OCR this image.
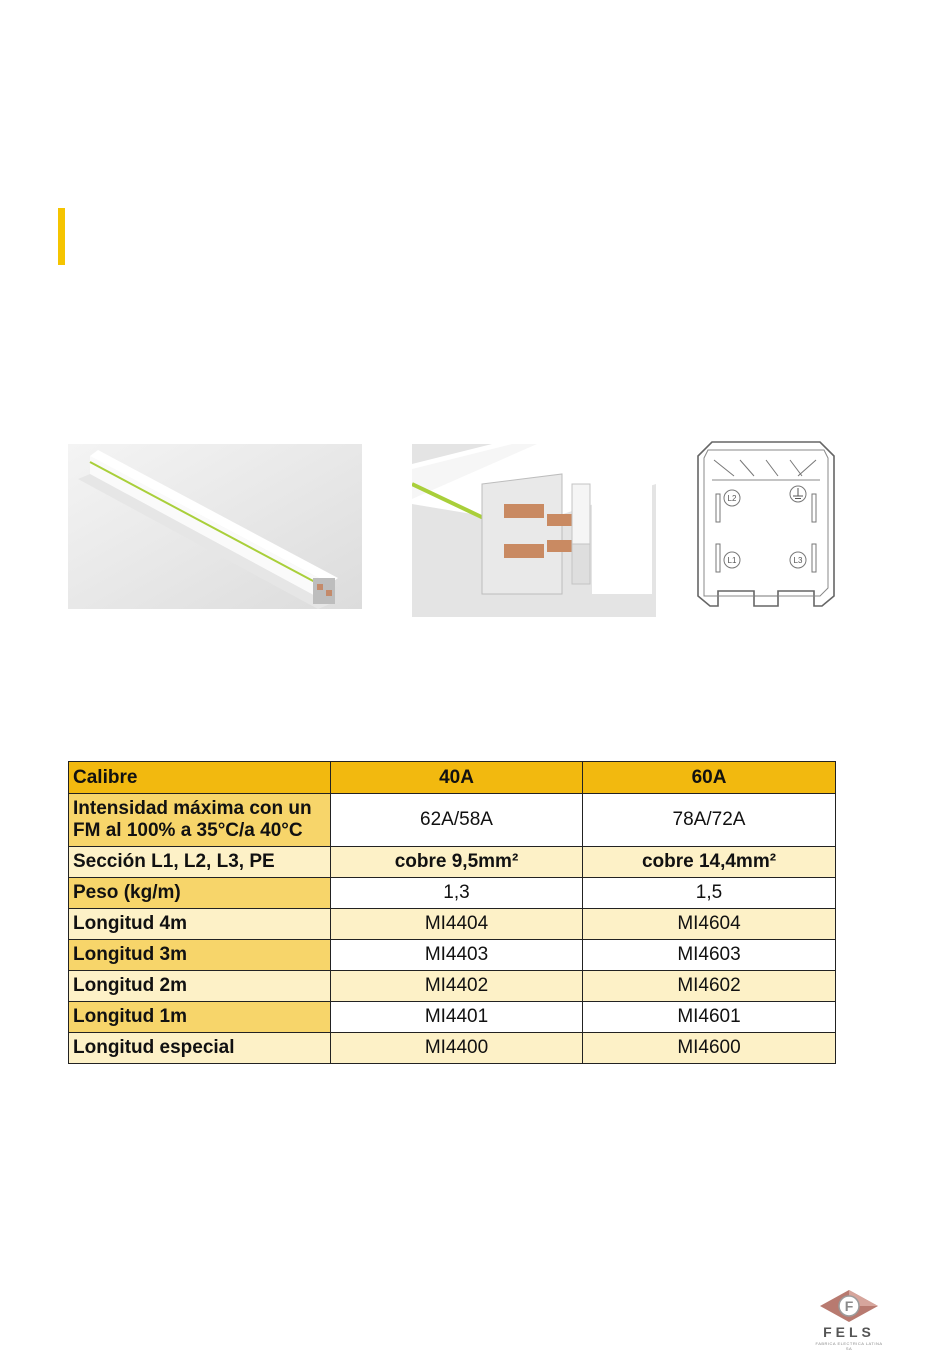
L2
L1	L3
Calibre	40A	60A
Intensidad máxima con un FM al 100% a 35°C/a 40°C	62A/58A	78A/72A
Sección L1, L2, L3, PE	cobre 9,5mm²	cobre 14,4mm²
Peso (kg/m)	1,3	1,5
Longitud 4m	MI4404	MI4604
Longitud 3m	MI4403	MI4603
Longitud 2m	MI4402	MI4602
Longitud 1m	MI4401	MI4601
Longitud especial	MI4400	MI4600
F
FELS
FABRICA ELECTRICA LATINA SA
